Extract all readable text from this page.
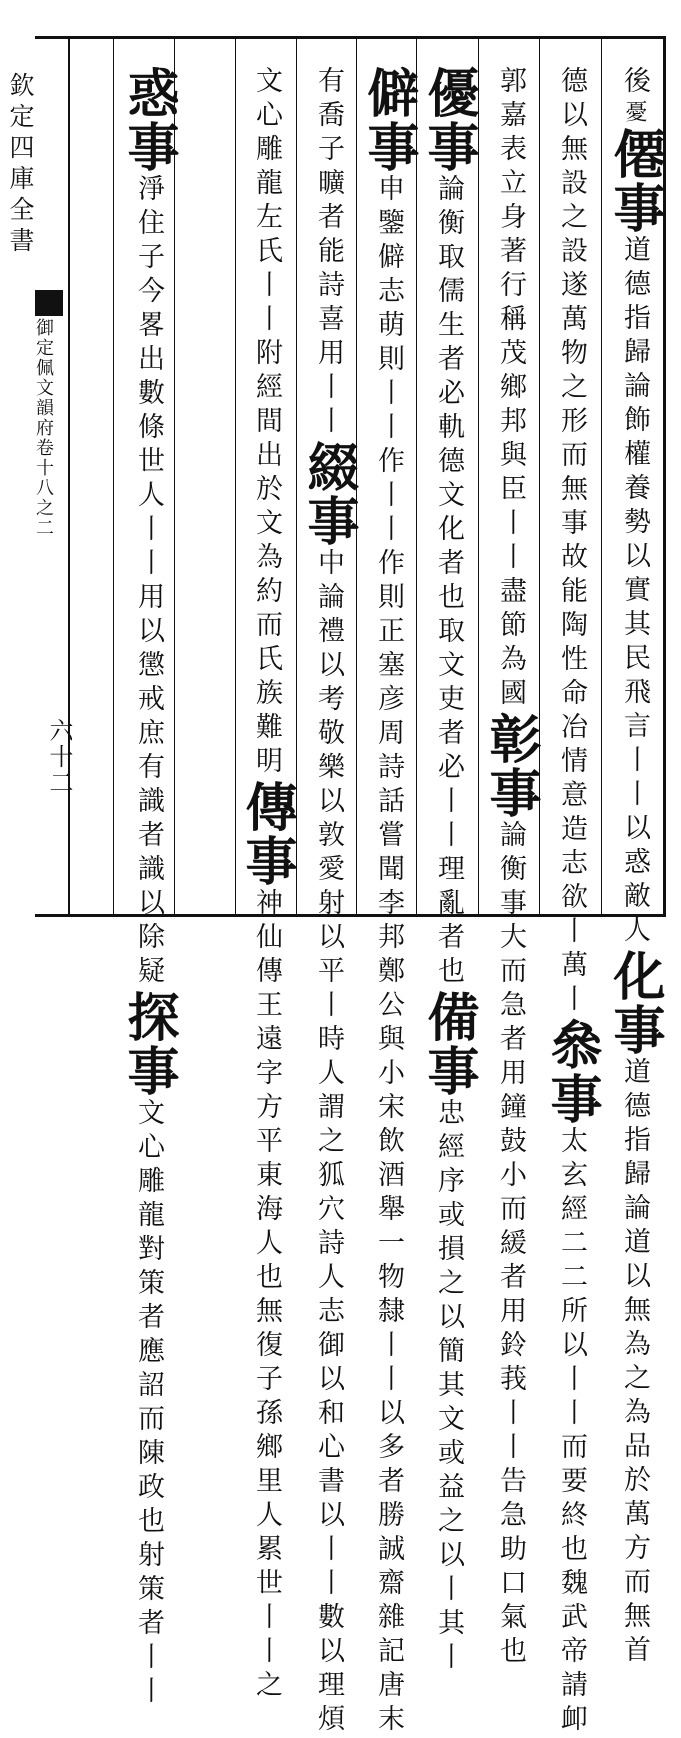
欽定四庫全書
御定佩文韻府卷十八之二
六十二
後憂僊事道德指歸論飾權養勢以實其民飛言丨丨以惑敵人化事道德指歸論道以無為之為品於萬方而無首
德以無設之設遂萬物之形而無事故能陶性命冶情意造志欲丨萬丨叅事太玄經二二所以丨丨而要終也魏武帝請卹
郭嘉表立身著行稱茂鄉邦與臣丨丨盡節為國彰事論衡事大而急者用鐘鼓小而緩者用鈴莪丨丨告急助口氣也
優事論衡取儒生者必軌德文化者也取文吏者必丨丨理亂者也備事忠經序或損之以簡其文或益之以丨其丨
僻事申鑒僻志萌則丨丨作丨丨作則正塞彦周詩話嘗聞李邦鄭公與小宋飲酒舉一物隸丨丨以多者勝誠齋雜記唐末
有喬子曠者能詩喜用丨丨綴事中論禮以考敬樂以敦愛射以平丨時人謂之狐穴詩人志御以和心書以丨丨數以理煩
文心雕龍左氏丨丨附經間出於文為約而氏族難明傳事神仙傳王遠字方平東海人也無復子孫鄉里人累世丨丨之
惑事淨住子今畧出數條世人丨丨用以懲戒庶有識者識以除疑探事文心雕龍對策者應詔而陳政也射策者丨丨
